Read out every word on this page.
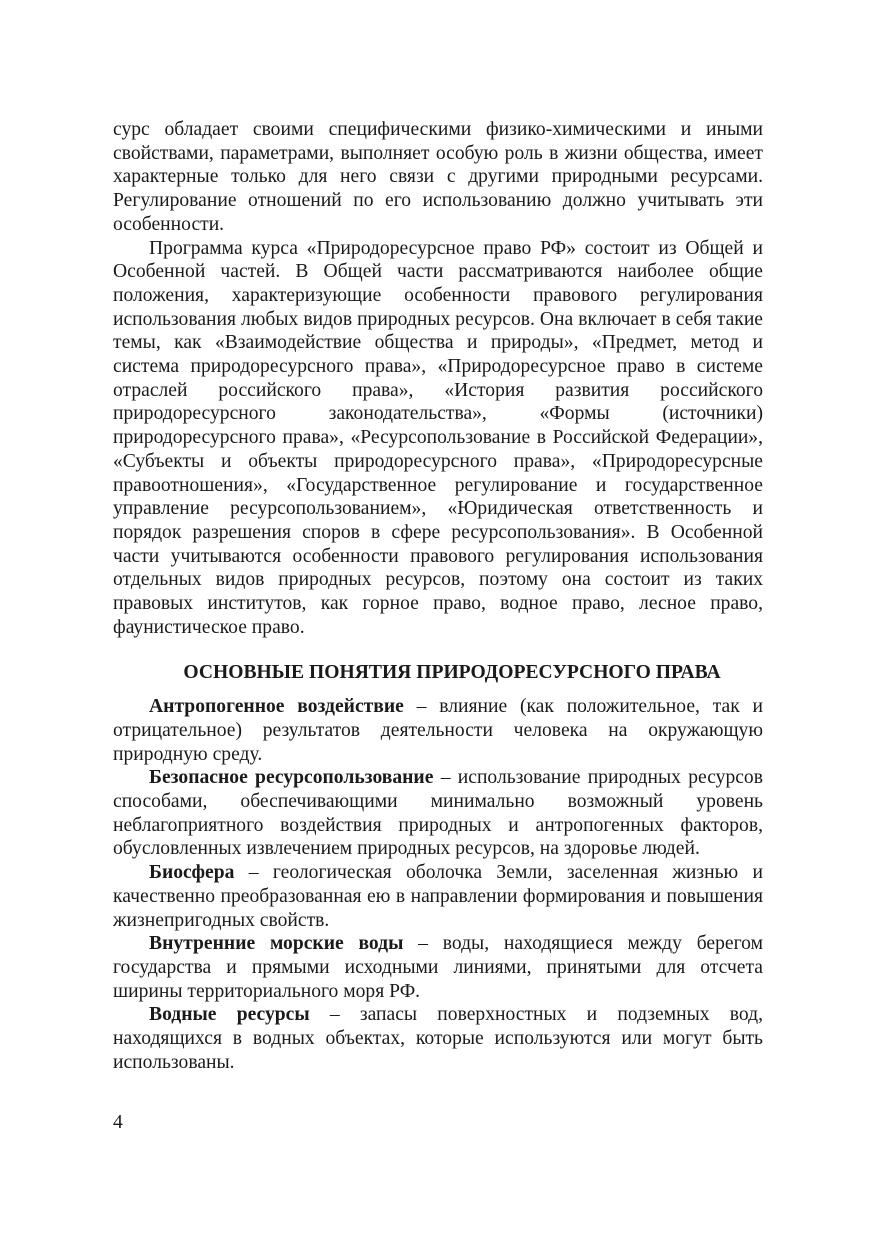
сурс обладает своими специфическими физико-химическими и иными свойствами, параметрами, выполняет особую роль в жизни общества, имеет характерные только для него связи с другими природными ресурсами. Регулирование отношений по его использованию должно учитывать эти особенности.

Программа курса «Природоресурсное право РФ» состоит из Общей и Особенной частей. В Общей части рассматриваются наиболее общие положения, характеризующие особенности правового регулирования использования любых видов природных ресурсов. Она включает в себя такие темы, как «Взаимодействие общества и природы», «Предмет, метод и система природоресурсного права», «Природоресурсное право в системе отраслей российского права», «История развития российского природоресурсного законодательства», «Формы (источники) природоресурсного права», «Ресурсопользование в Российской Федерации», «Субъекты и объекты природоресурсного права», «Природоресурсные правоотношения», «Государственное регулирование и государственное управление ресурсопользованием», «Юридическая ответственность и порядок разрешения споров в сфере ресурсопользования». В Особенной части учитываются особенности правового регулирования использования отдельных видов природных ресурсов, поэтому она состоит из таких правовых институтов, как горное право, водное право, лесное право, фаунистическое право.

ОСНОВНЫЕ ПОНЯТИЯ ПРИРОДОРЕСУРСНОГО ПРАВА

Антропогенное воздействие – влияние (как положительное, так и отрицательное) результатов деятельности человека на окружающую природную среду.

Безопасное ресурсопользование – использование природных ресурсов способами, обеспечивающими минимально возможный уровень неблагоприятного воздействия природных и антропогенных факторов, обусловленных извлечением природных ресурсов, на здоровье людей.

Биосфера – геологическая оболочка Земли, заселенная жизнью и качественно преобразованная ею в направлении формирования и повышения жизнепригодных свойств.

Внутренние морские воды – воды, находящиеся между берегом государства и прямыми исходными линиями, принятыми для отсчета ширины территориального моря РФ.

Водные ресурсы – запасы поверхностных и подземных вод, находящихся в водных объектах, которые используются или могут быть использованы.

4
